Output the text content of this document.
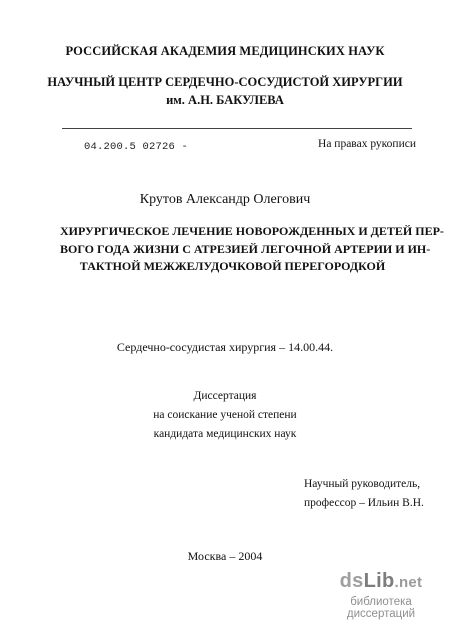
РОССИЙСКАЯ АКАДЕМИЯ МЕДИЦИНСКИХ НАУК
НАУЧНЫЙ ЦЕНТР СЕРДЕЧНО-СОСУДИСТОЙ ХИРУРГИИ
им. А.Н. БАКУЛЕВА
04.200.5 02726 -	На правах рукописи
Крутов Александр Олегович
ХИРУРГИЧЕСКОЕ ЛЕЧЕНИЕ НОВОРОЖДЕННЫХ И ДЕТЕЙ ПЕР-
ВОГО ГОДА ЖИЗНИ С АТРЕЗИЕЙ ЛЕГОЧНОЙ АРТЕРИИ И ИН-
ТАКТНОЙ МЕЖЖЕЛУДОЧКОВОЙ ПЕРЕГОРОДКОЙ
Сердечно-сосудистая хирургия – 14.00.44.
Диссертация
на соискание ученой степени
кандидата медицинских наук
Научный руководитель,
профессор – Ильин В.Н.
Москва – 2004
dsLib.net
библиотека диссертаций
